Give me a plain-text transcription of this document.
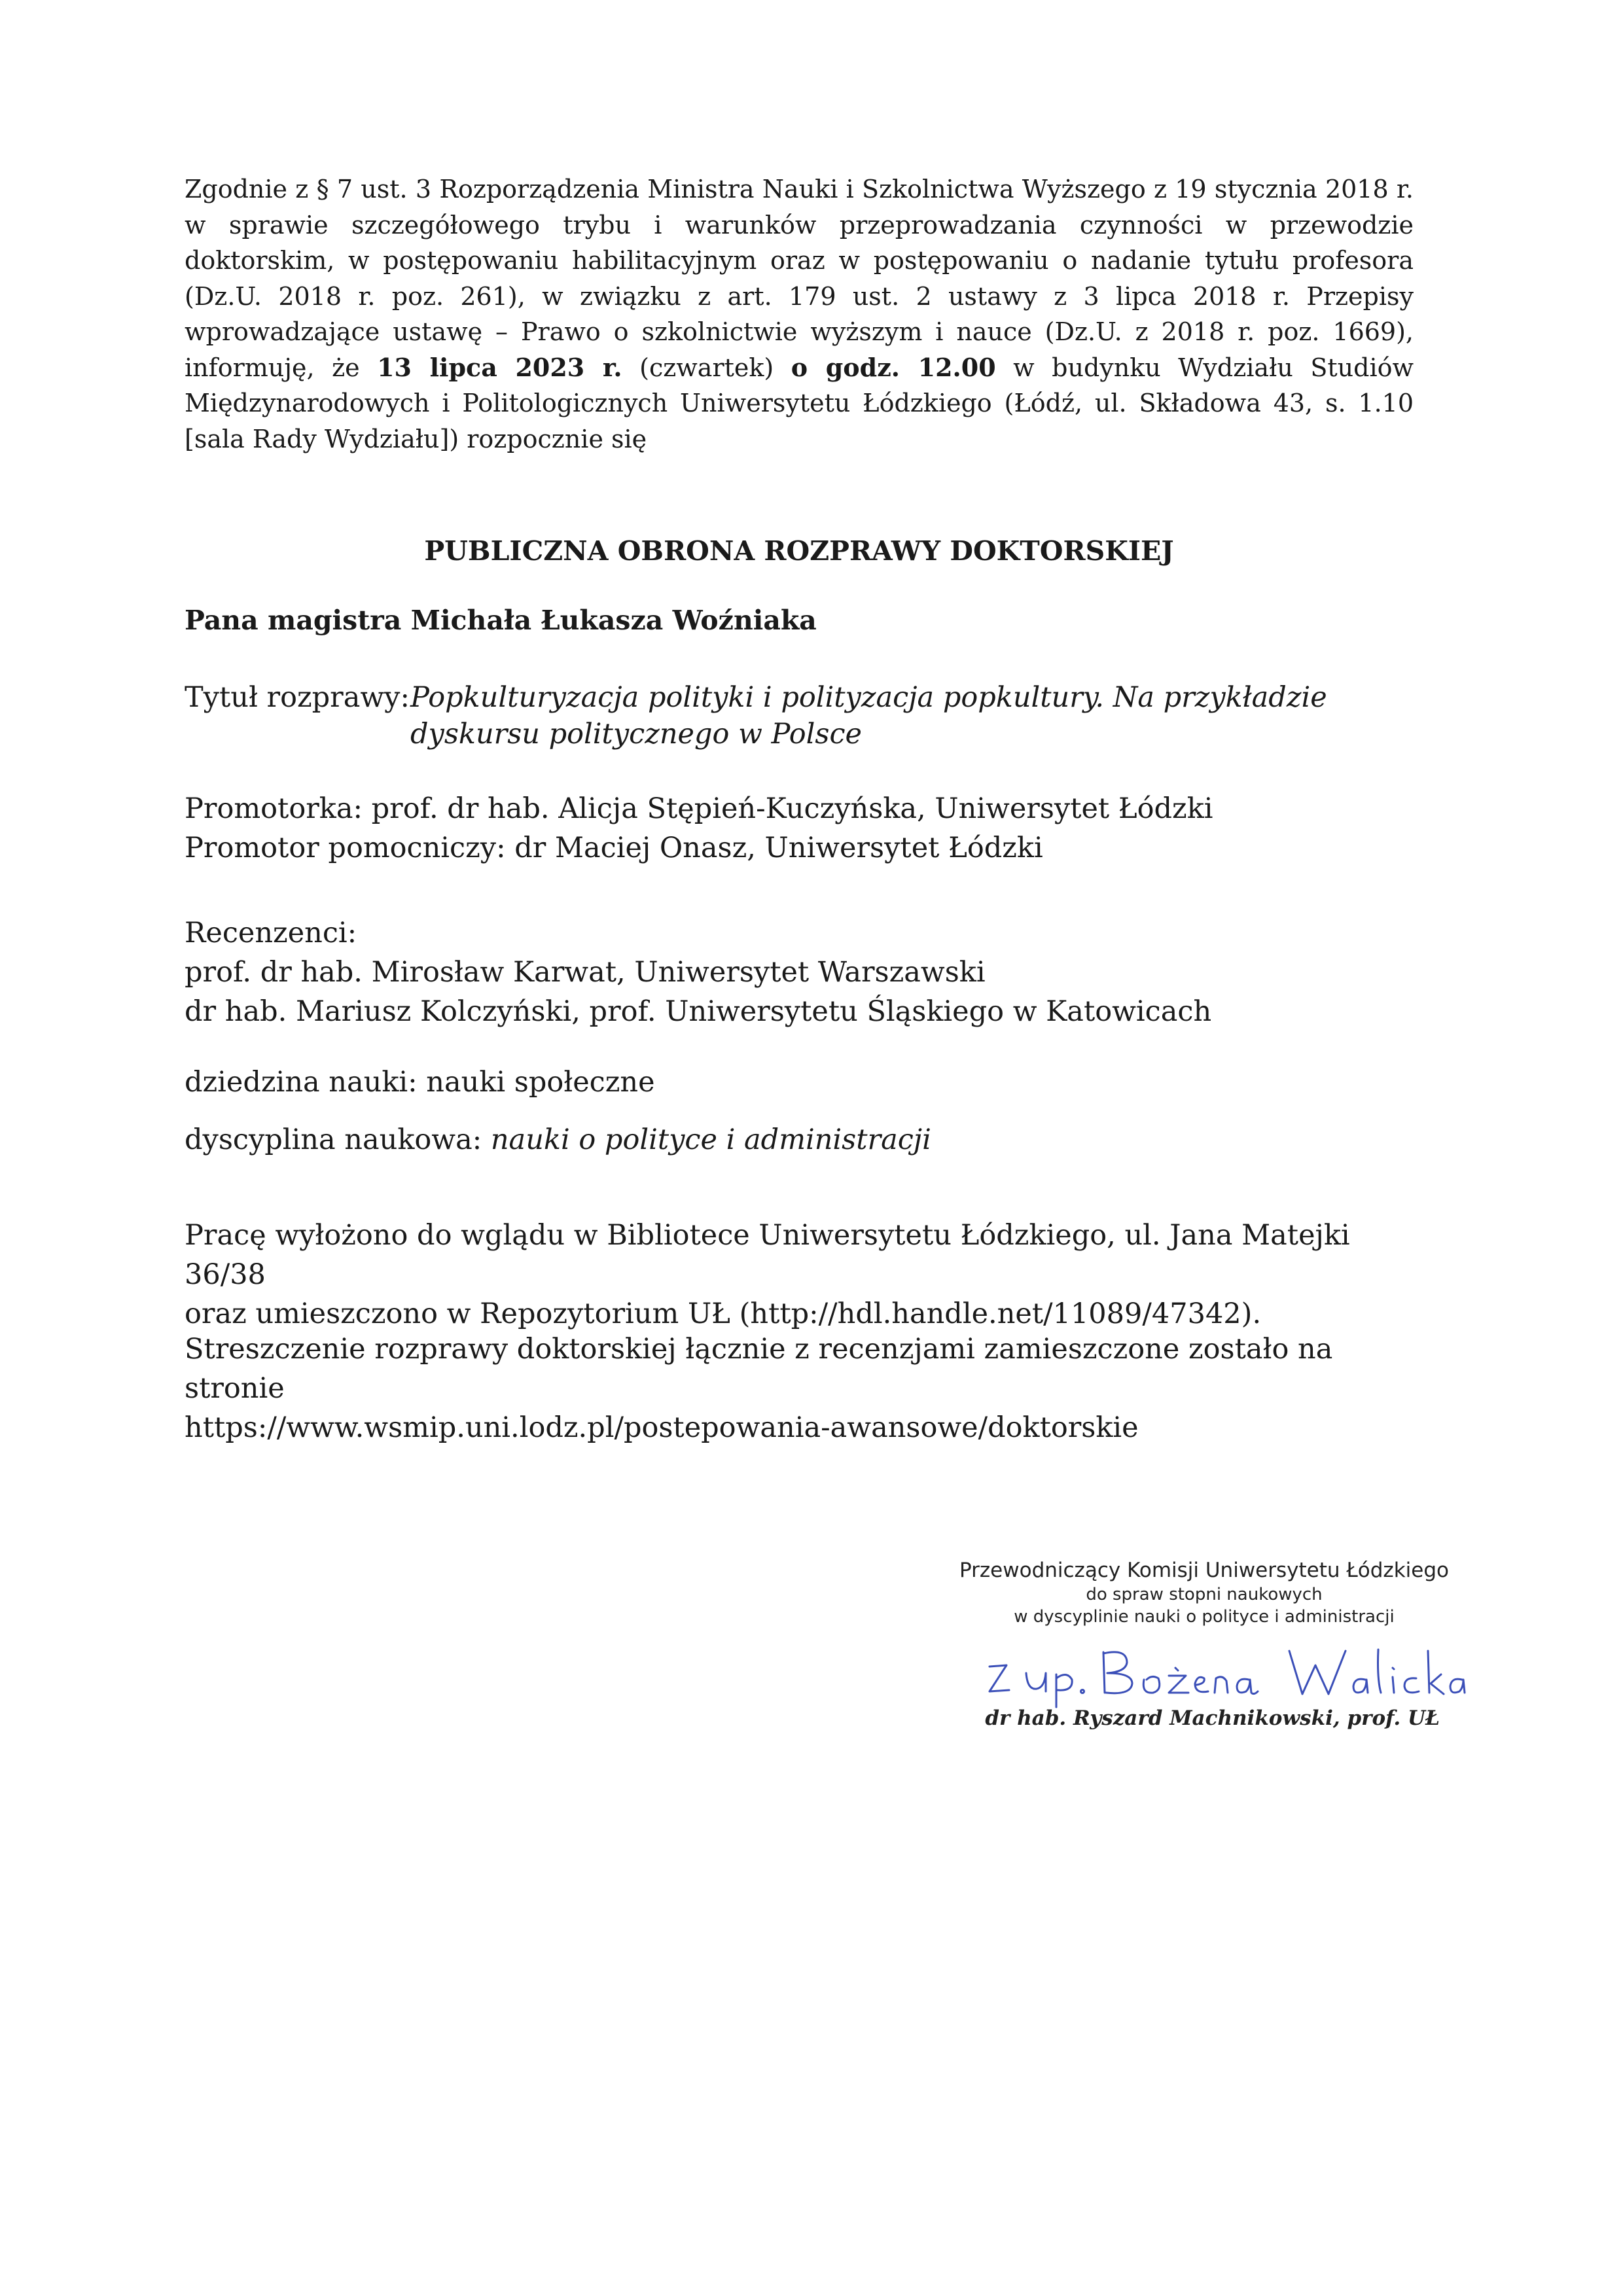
Zgodnie z § 7 ust. 3 Rozporządzenia Ministra Nauki i Szkolnictwa Wyższego z 19 stycznia 2018 r. w sprawie szczegółowego trybu i warunków przeprowadzania czynności w przewodzie doktorskim, w postępowaniu habilitacyjnym oraz w postępowaniu o nadanie tytułu profesora (Dz.U. 2018 r. poz. 261), w związku z art. 179 ust. 2 ustawy z 3 lipca 2018 r. Przepisy wprowadzające ustawę – Prawo o szkolnictwie wyższym i nauce (Dz.U. z 2018 r. poz. 1669), informuję, że 13 lipca 2023 r. (czwartek) o godz. 12.00 w budynku Wydziału Studiów Międzynarodowych i Politologicznych Uniwersytetu Łódzkiego (Łódź, ul. Składowa 43, s. 1.10 [sala Rady Wydziału]) rozpocznie się
PUBLICZNA OBRONA ROZPRAWY DOKTORSKIEJ
Pana magistra Michała Łukasza Woźniaka
Tytuł rozprawy:Popkulturyzacja polityki i polityzacja popkultury. Na przykładzie dyskursu politycznego w Polsce

Promotorka: prof. dr hab. Alicja Stępień-Kuczyńska, Uniwersytet Łódzki

Promotor pomocniczy: dr Maciej Onasz, Uniwersytet Łódzki

Recenzenci:

prof. dr hab. Mirosław Karwat, Uniwersytet Warszawski

dr hab. Mariusz Kolczyński, prof. Uniwersytetu Śląskiego w Katowicach

dziedzina nauki: nauki społeczne
dyscyplina naukowa: nauki o polityce i administracji

Pracę wyłożono do wglądu w Bibliotece Uniwersytetu Łódzkiego, ul. Jana Matejki 36/38

oraz umieszczono w Repozytorium UŁ (http://hdl.handle.net/11089/47342).

Streszczenie rozprawy doktorskiej łącznie z recenzjami zamieszczone zostało na stronie

https://www.wsmip.uni.lodz.pl/postepowania-awansowe/doktorskie

Przewodniczący Komisji Uniwersytetu Łódzkiego
do spraw stopni naukowych
w dyscyplinie nauki o polityce i administracji
dr hab. Ryszard Machnikowski, prof. UŁ
